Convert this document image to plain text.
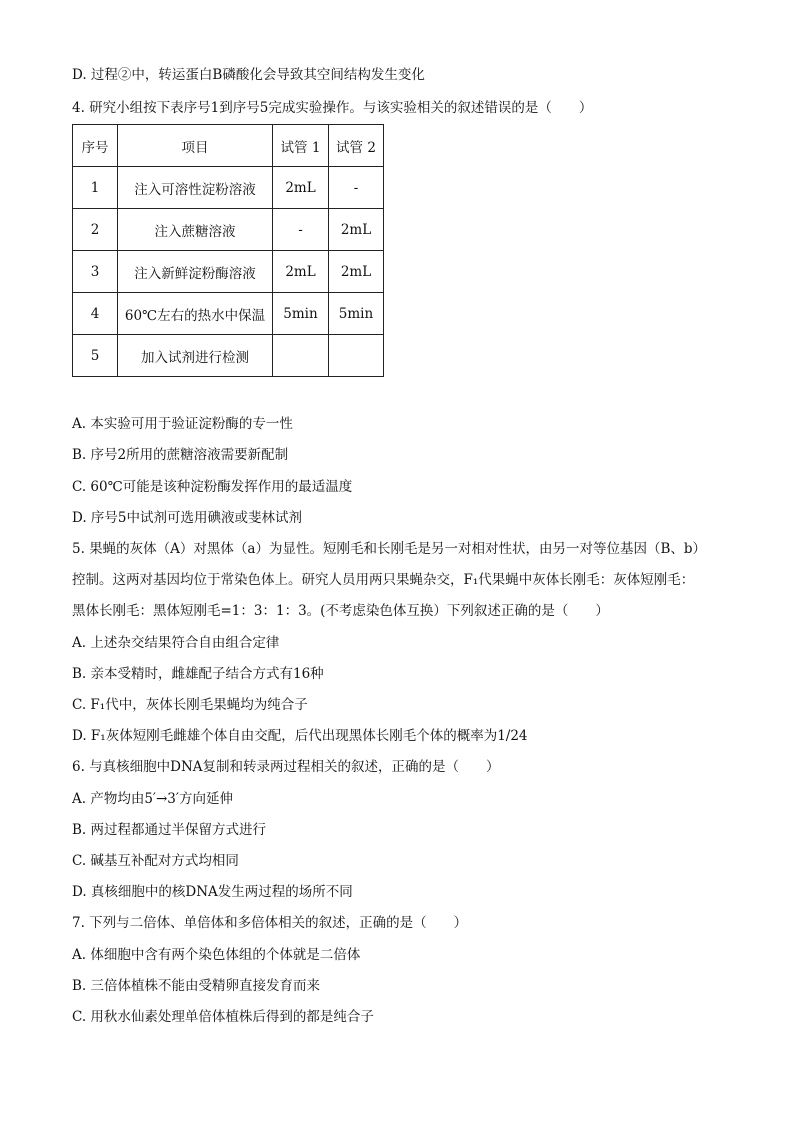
D. 过程②中，转运蛋白B磷酸化会导致其空间结构发生变化
4. 研究小组按下表序号1到序号5完成实验操作。与该实验相关的叙述错误的是（　　）
序号	项目	试管 1	试管 2
1	注入可溶性淀粉溶液	2mL	-
2	注入蔗糖溶液	-	2mL
3	注入新鲜淀粉酶溶液	2mL	2mL
4	60℃左右的热水中保温	5min	5min
5	加入试剂进行检测		
A. 本实验可用于验证淀粉酶的专一性
B. 序号2所用的蔗糖溶液需要新配制
C. 60℃可能是该种淀粉酶发挥作用的最适温度
D. 序号5中试剂可选用碘液或斐林试剂
5. 果蝇的灰体（A）对黑体（a）为显性。短刚毛和长刚毛是另一对相对性状，由另一对等位基因（B、b）
控制。这两对基因均位于常染色体上。研究人员用两只果蝇杂交，F₁代果蝇中灰体长刚毛：灰体短刚毛：
黑体长刚毛：黑体短刚毛=1：3：1：3。(不考虑染色体互换）下列叙述正确的是（　　）
A. 上述杂交结果符合自由组合定律
B. 亲本受精时，雌雄配子结合方式有16种
C. F₁代中，灰体长刚毛果蝇均为纯合子
D. F₁灰体短刚毛雌雄个体自由交配，后代出现黑体长刚毛个体的概率为1/24
6. 与真核细胞中DNA复制和转录两过程相关的叙述，正确的是（　　）
A. 产物均由5′→3′方向延伸
B. 两过程都通过半保留方式进行
C. 碱基互补配对方式均相同
D. 真核细胞中的核DNA发生两过程的场所不同
7. 下列与二倍体、单倍体和多倍体相关的叙述，正确的是（　　）
A. 体细胞中含有两个染色体组的个体就是二倍体
B. 三倍体植株不能由受精卵直接发育而来
C. 用秋水仙素处理单倍体植株后得到的都是纯合子
